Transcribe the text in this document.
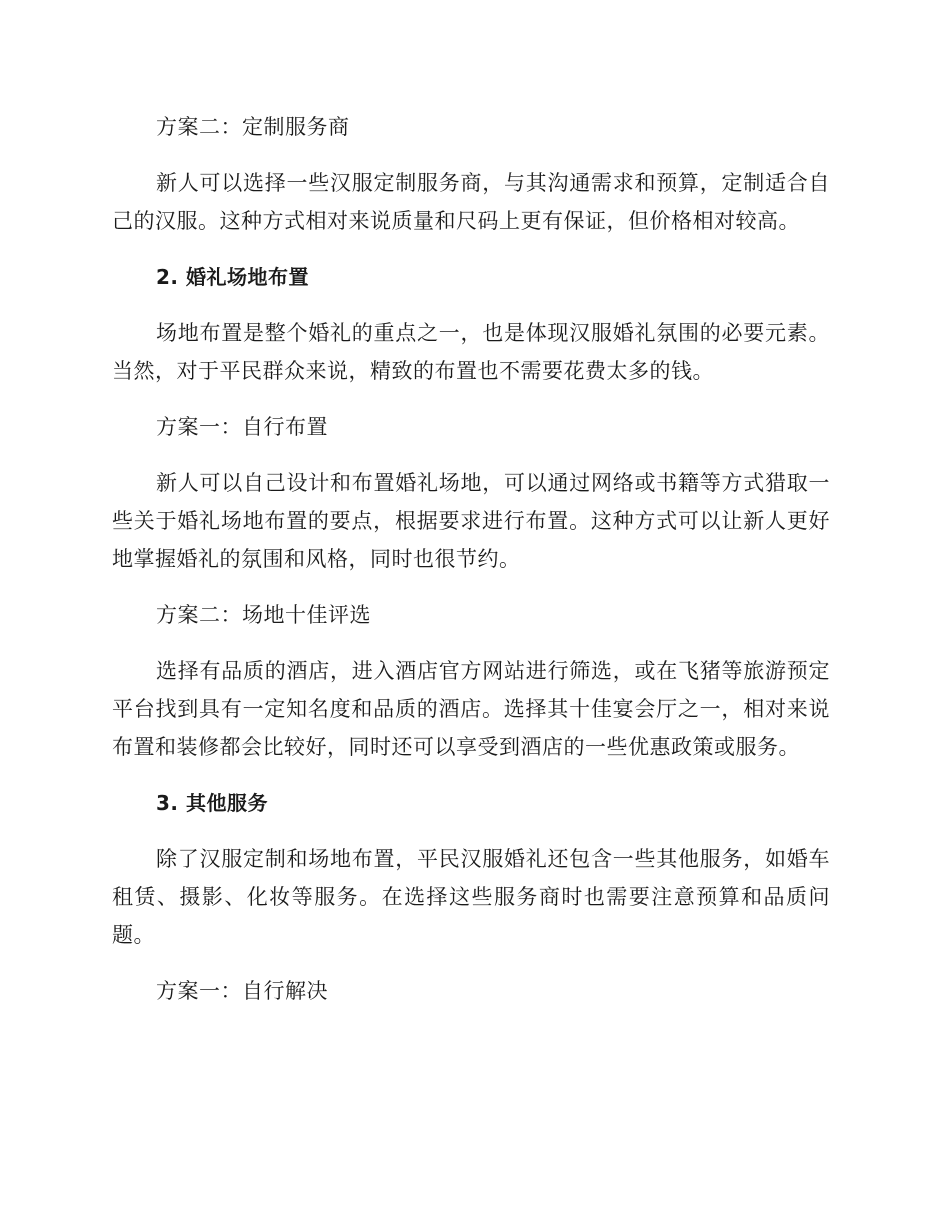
方案二：定制服务商

新人可以选择一些汉服定制服务商，与其沟通需求和预算，定制适合自己的汉服。这种方式相对来说质量和尺码上更有保证，但价格相对较高。

2. 婚礼场地布置

场地布置是整个婚礼的重点之一，也是体现汉服婚礼氛围的必要元素。当然，对于平民群众来说，精致的布置也不需要花费太多的钱。

方案一：自行布置

新人可以自己设计和布置婚礼场地，可以通过网络或书籍等方式猎取一些关于婚礼场地布置的要点，根据要求进行布置。这种方式可以让新人更好地掌握婚礼的氛围和风格，同时也很节约。

方案二：场地十佳评选

选择有品质的酒店，进入酒店官方网站进行筛选，或在飞猪等旅游预定平台找到具有一定知名度和品质的酒店。选择其十佳宴会厅之一，相对来说布置和装修都会比较好，同时还可以享受到酒店的一些优惠政策或服务。

3. 其他服务

除了汉服定制和场地布置，平民汉服婚礼还包含一些其他服务，如婚车租赁、摄影、化妆等服务。在选择这些服务商时也需要注意预算和品质问题。

方案一：自行解决
